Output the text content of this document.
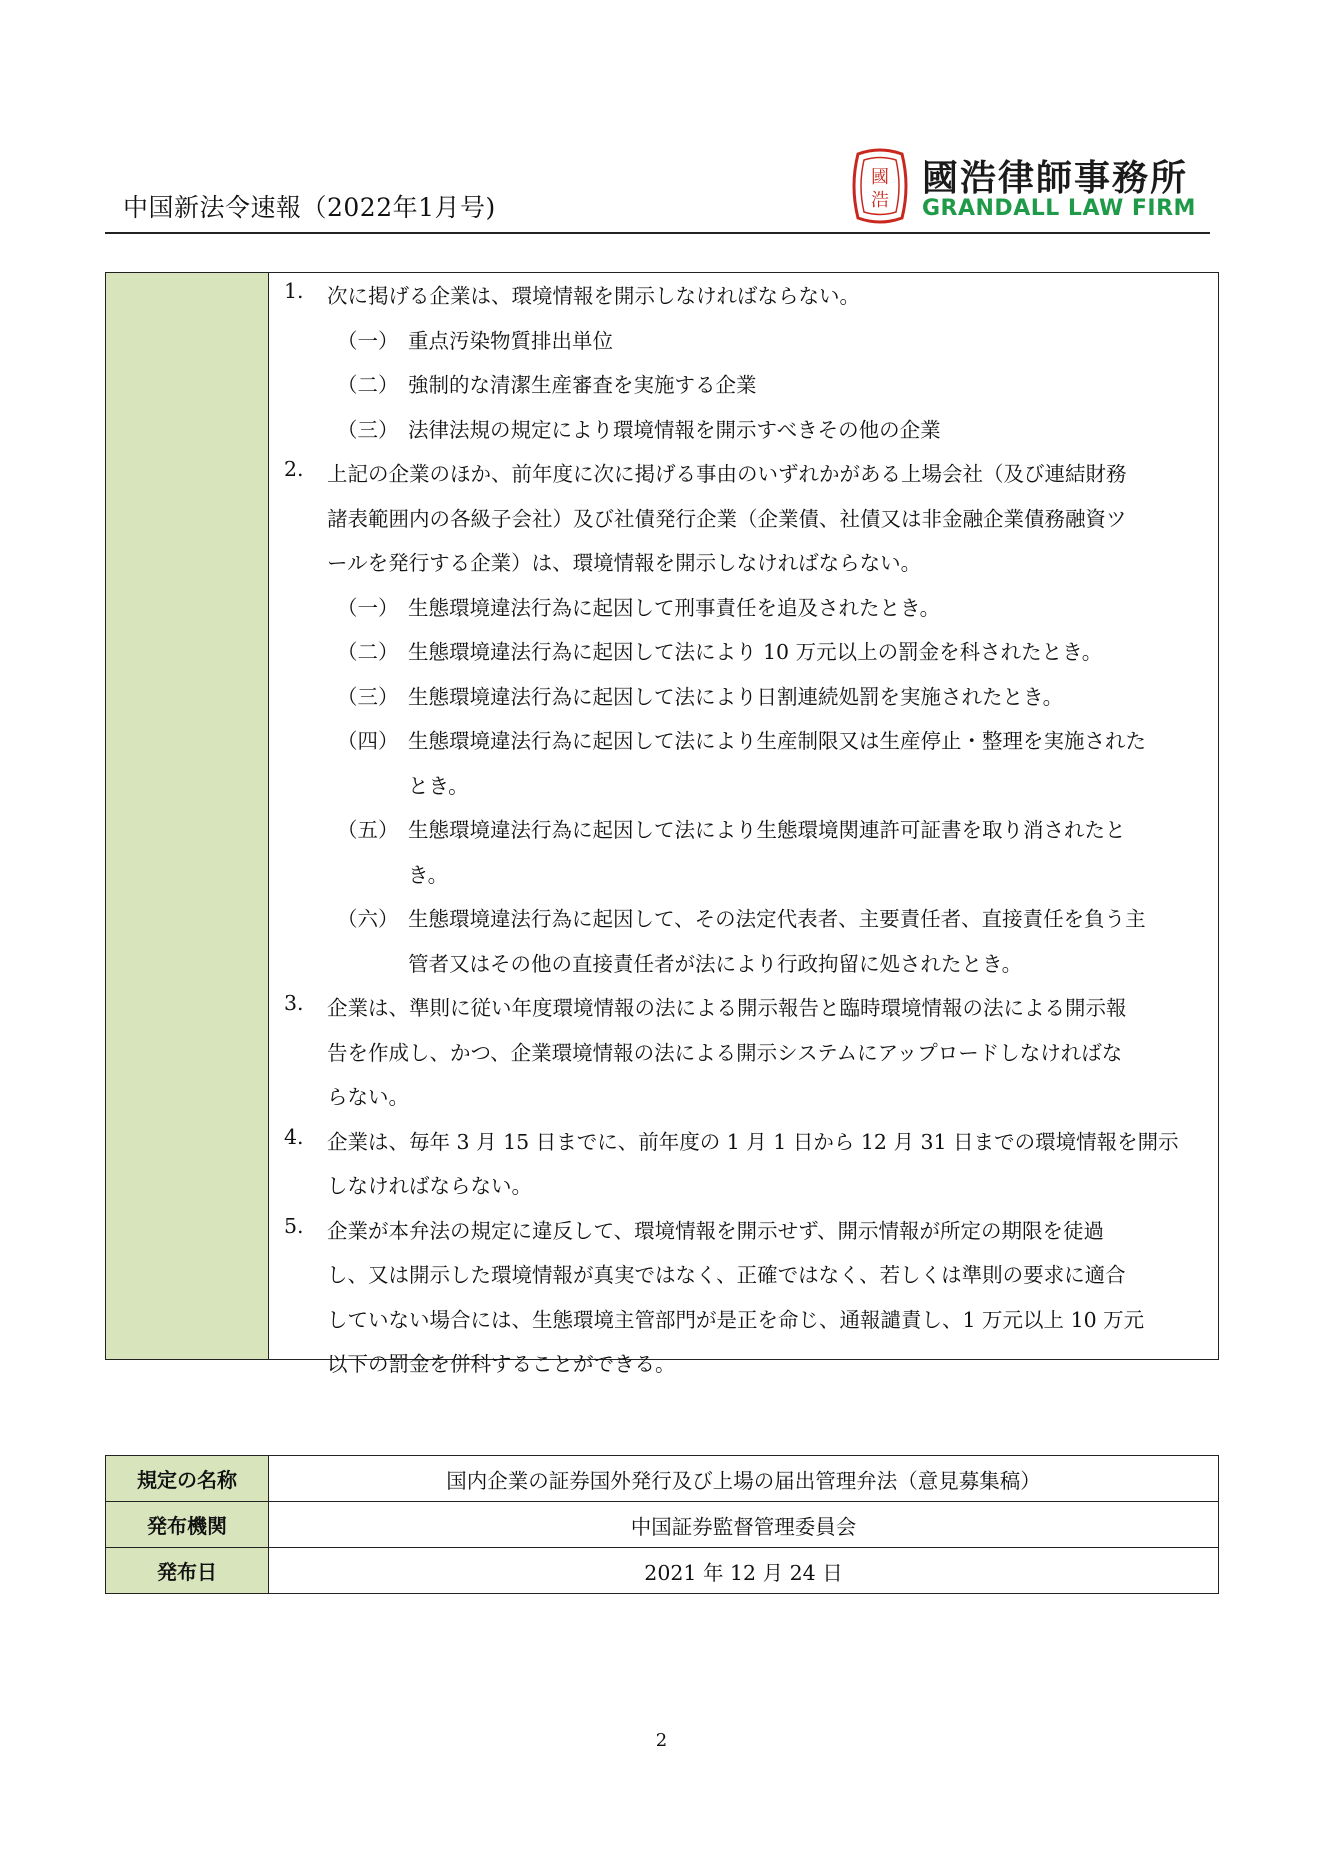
中国新法令速報（2022年1月号)
國
浩
國浩律師事務所
GRANDALL LAW FIRM
1. 次に掲げる企業は、環境情報を開示しなければならない。
（一） 重点汚染物質排出単位
（二） 強制的な清潔生産審査を実施する企業
（三） 法律法規の規定により環境情報を開示すべきその他の企業
2. 上記の企業のほか、前年度に次に掲げる事由のいずれかがある上場会社（及び連結財務
諸表範囲内の各級子会社）及び社債発行企業（企業債、社債又は非金融企業債務融資ツ
ールを発行する企業）は、環境情報を開示しなければならない。
（一） 生態環境違法行為に起因して刑事責任を追及されたとき。
（二） 生態環境違法行為に起因して法により 10 万元以上の罰金を科されたとき。
（三） 生態環境違法行為に起因して法により日割連続処罰を実施されたとき。
（四） 生態環境違法行為に起因して法により生産制限又は生産停止・整理を実施された
とき。
（五） 生態環境違法行為に起因して法により生態環境関連許可証書を取り消されたと
き。
（六） 生態環境違法行為に起因して、その法定代表者、主要責任者、直接責任を負う主
管者又はその他の直接責任者が法により行政拘留に処されたとき。
3. 企業は、準則に従い年度環境情報の法による開示報告と臨時環境情報の法による開示報
告を作成し、かつ、企業環境情報の法による開示システムにアップロードしなければな
らない。
4. 企業は、毎年 3 月 15 日までに、前年度の 1 月 1 日から 12 月 31 日までの環境情報を開示
しなければならない。
5. 企業が本弁法の規定に違反して、環境情報を開示せず、開示情報が所定の期限を徒過
し、又は開示した環境情報が真実ではなく、正確ではなく、若しくは準則の要求に適合
していない場合には、生態環境主管部門が是正を命じ、通報譴責し、1 万元以上 10 万元
以下の罰金を併科することができる。
規定の名称	国内企業の証券国外発行及び上場の届出管理弁法（意見募集稿）
発布機関	中国証券監督管理委員会
発布日	2021 年 12 月 24 日
2
